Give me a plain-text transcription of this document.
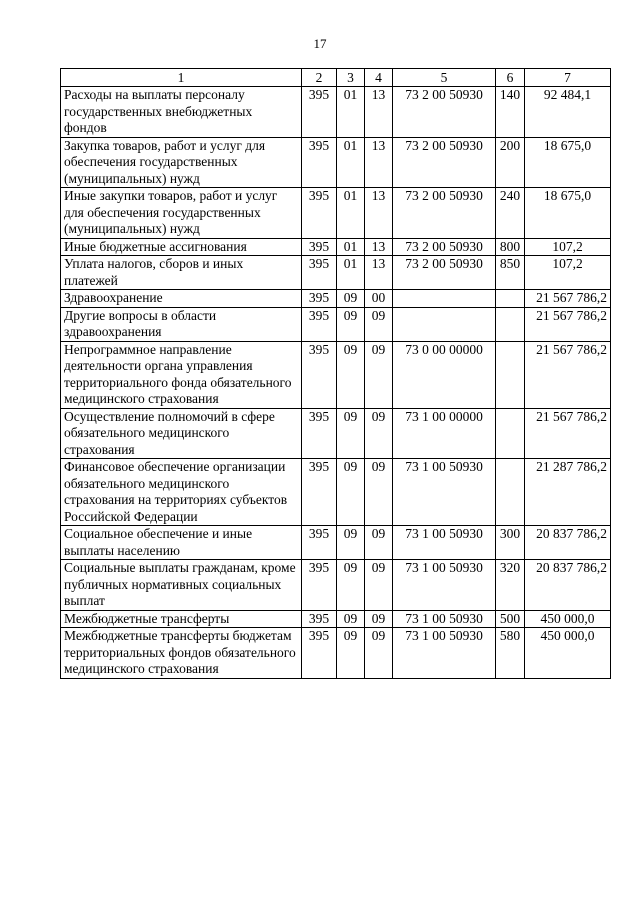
17
1	2	3	4	5	6	7
Расходы на выплаты персоналу государственных внебюджетных фондов	395	01	13	73 2 00 50930	140	92 484,1
Закупка товаров, работ и услуг для обеспечения государственных (муниципальных) нужд	395	01	13	73 2 00 50930	200	18 675,0
Иные закупки товаров, работ и услуг для обеспечения государственных (муниципальных) нужд	395	01	13	73 2 00 50930	240	18 675,0
Иные бюджетные ассигнования	395	01	13	73 2 00 50930	800	107,2
Уплата налогов, сборов и иных платежей	395	01	13	73 2 00 50930	850	107,2
Здравоохранение	395	09	00			21 567 786,2
Другие вопросы в области здравоохранения	395	09	09			21 567 786,2
Непрограммное направление деятельности органа управления территориального фонда обязательного медицинского страхования	395	09	09	73 0 00 00000		21 567 786,2
Осуществление полномочий в сфере обязательного медицинского страхования	395	09	09	73 1 00 00000		21 567 786,2
Финансовое обеспечение организации обязательного медицинского страхования на территориях субъектов Российской Федерации	395	09	09	73 1 00 50930		21 287 786,2
Социальное обеспечение и иные выплаты населению	395	09	09	73 1 00 50930	300	20 837 786,2
Социальные выплаты гражданам, кроме публичных нормативных социальных выплат	395	09	09	73 1 00 50930	320	20 837 786,2
Межбюджетные трансферты	395	09	09	73 1 00 50930	500	450 000,0
Межбюджетные трансферты бюджетам территориальных фондов обязательного медицинского страхования	395	09	09	73 1 00 50930	580	450 000,0
